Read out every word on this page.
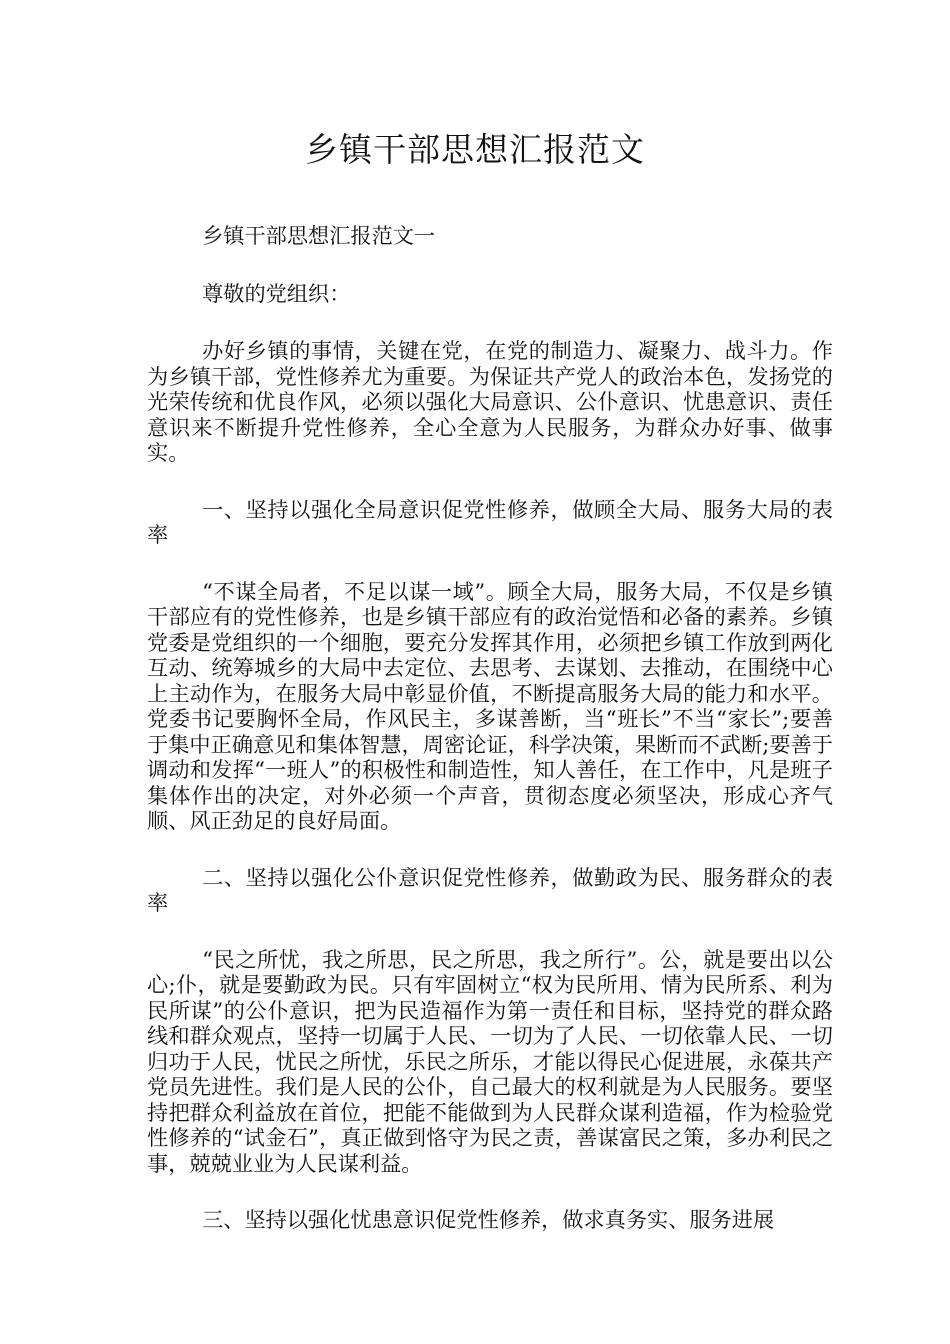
乡镇干部思想汇报范文

乡镇干部思想汇报范文一

尊敬的党组织：

办好乡镇的事情，关键在党，在党的制造力、凝聚力、战斗力。作为乡镇干部，党性修养尤为重要。为保证共产党人的政治本色，发扬党的光荣传统和优良作风，必须以强化大局意识、公仆意识、忧患意识、责任意识来不断提升党性修养，全心全意为人民服务，为群众办好事、做事实。

一、坚持以强化全局意识促党性修养，做顾全大局、服务大局的表率

“不谋全局者，不足以谋一域”。顾全大局，服务大局，不仅是乡镇干部应有的党性修养，也是乡镇干部应有的政治觉悟和必备的素养。乡镇党委是党组织的一个细胞，要充分发挥其作用，必须把乡镇工作放到两化互动、统筹城乡的大局中去定位、去思考、去谋划、去推动，在围绕中心上主动作为，在服务大局中彰显价值，不断提高服务大局的能力和水平。党委书记要胸怀全局，作风民主，多谋善断，当“班长”不当“家长”;要善于集中正确意见和集体智慧，周密论证，科学决策，果断而不武断;要善于调动和发挥“一班人”的积极性和制造性，知人善任，在工作中，凡是班子集体作出的决定，对外必须一个声音，贯彻态度必须坚决，形成心齐气顺、风正劲足的良好局面。

二、坚持以强化公仆意识促党性修养，做勤政为民、服务群众的表率

“民之所忧，我之所思，民之所思，我之所行”。公，就是要出以公心;仆，就是要勤政为民。只有牢固树立“权为民所用、情为民所系、利为民所谋”的公仆意识，把为民造福作为第一责任和目标，坚持党的群众路线和群众观点，坚持一切属于人民、一切为了人民、一切依靠人民、一切归功于人民，忧民之所忧，乐民之所乐，才能以得民心促进展，永葆共产党员先进性。我们是人民的公仆，自己最大的权利就是为人民服务。要坚持把群众利益放在首位，把能不能做到为人民群众谋利造福，作为检验党性修养的“试金石”，真正做到恪守为民之责，善谋富民之策，多办利民之事，兢兢业业为人民谋利益。

三、坚持以强化忧患意识促党性修养，做求真务实、服务进展
